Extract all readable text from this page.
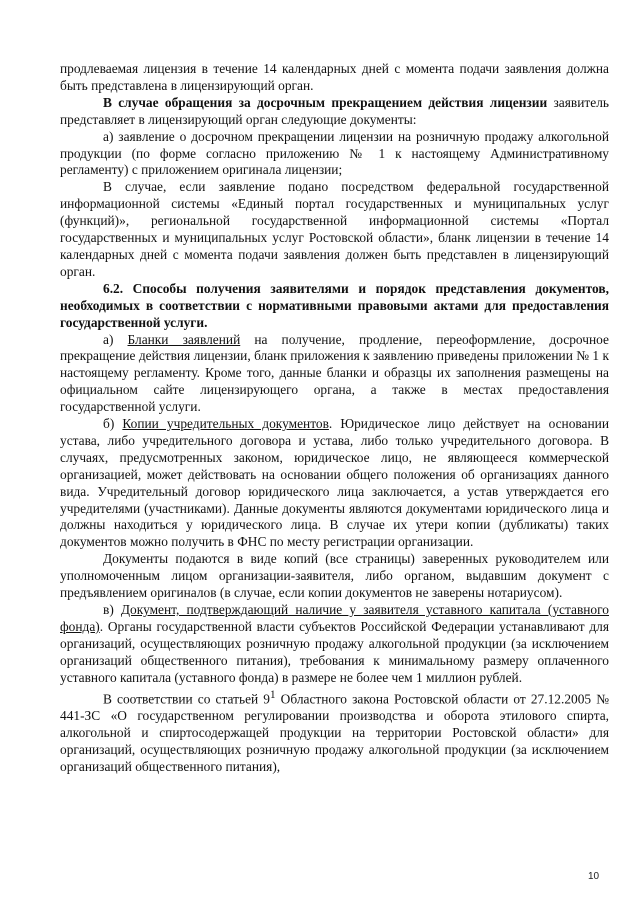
продлеваемая лицензия в течение 14 календарных дней с момента подачи заявления должна быть представлена в лицензирующий орган.

В случае обращения за досрочным прекращением действия лицензии заявитель представляет в лицензирующий орган следующие документы:

а) заявление о досрочном прекращении лицензии на розничную продажу алкогольной продукции (по форме согласно приложению № 1 к настоящему Административному регламенту) с приложением оригинала лицензии;

В случае, если заявление подано посредством федеральной государственной информационной системы «Единый портал государственных и муниципальных услуг (функций)», региональной государственной информационной системы «Портал государственных и муниципальных услуг Ростовской области», бланк лицензии в течение 14 календарных дней с момента подачи заявления должен быть представлен в лицензирующий орган.

6.2. Способы получения заявителями и порядок представления документов, необходимых в соответствии с нормативными правовыми актами для предоставления государственной услуги.

а) Бланки заявлений на получение, продление, переоформление, досрочное прекращение действия лицензии, бланк приложения к заявлению приведены приложении № 1 к настоящему регламенту. Кроме того, данные бланки и образцы их заполнения размещены на официальном сайте лицензирующего органа, а также в местах предоставления государственной услуги.

б) Копии учредительных документов. Юридическое лицо действует на основании устава, либо учредительного договора и устава, либо только учредительного договора. В случаях, предусмотренных законом, юридическое лицо, не являющееся коммерческой организацией, может действовать на основании общего положения об организациях данного вида. Учредительный договор юридического лица заключается, а устав утверждается его учредителями (участниками). Данные документы являются документами юридического лица и должны находиться у юридического лица. В случае их утери копии (дубликаты) таких документов можно получить в ФНС по месту регистрации организации.

Документы подаются в виде копий (все страницы) заверенных руководителем или уполномоченным лицом организации-заявителя, либо органом, выдавшим документ с предъявлением оригиналов (в случае, если копии документов не заверены нотариусом).

в) Документ, подтверждающий наличие у заявителя уставного капитала (уставного фонда). Органы государственной власти субъектов Российской Федерации устанавливают для организаций, осуществляющих розничную продажу алкогольной продукции (за исключением организаций общественного питания), требования к минимальному размеру оплаченного уставного капитала (уставного фонда) в размере не более чем 1 миллион рублей.

В соответствии со статьей $9^1$ Областного закона Ростовской области от 27.12.2005 № 441-ЗС «О государственном регулировании производства и оборота этилового спирта, алкогольной и спиртосодержащей продукции на территории Ростовской области» для организаций, осуществляющих розничную продажу алкогольной продукции (за исключением организаций общественного питания),

10
